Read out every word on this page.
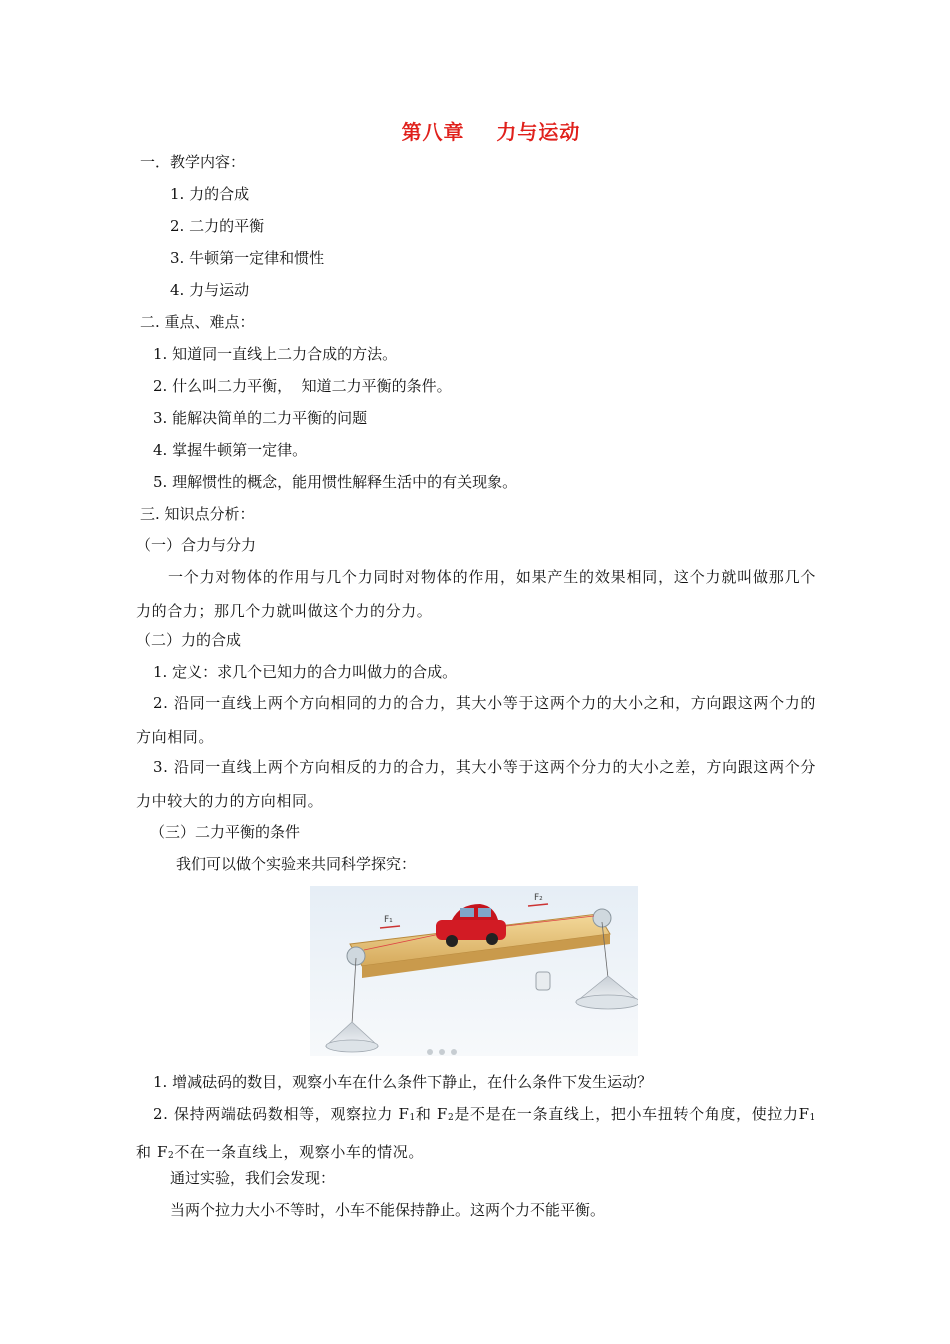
第八章    力与运动
一．教学内容：
1. 力的合成
2. 二力的平衡
3. 牛顿第一定律和惯性
4. 力与运动
二. 重点、难点：
1. 知道同一直线上二力合成的方法。
2. 什么叫二力平衡，  知道二力平衡的条件。
3. 能解决简单的二力平衡的问题
4. 掌握牛顿第一定律。
5. 理解惯性的概念，能用惯性解释生活中的有关现象。
三. 知识点分析：
（一）合力与分力
一个力对物体的作用与几个力同时对物体的作用，如果产生的效果相同，这个力就叫做那几个力的合力；那几个力就叫做这个力的分力。
（二）力的合成
1. 定义：求几个已知力的合力叫做力的合成。
2. 沿同一直线上两个方向相同的力的合力，其大小等于这两个力的大小之和，方向跟这两个力的方向相同。
3. 沿同一直线上两个方向相反的力的合力，其大小等于这两个分力的大小之差，方向跟这两个分力中较大的力的方向相同。
（三）二力平衡的条件
我们可以做个实验来共同科学探究：
F₁
F₂
1. 增减砝码的数目，观察小车在什么条件下静止，在什么条件下发生运动？
2. 保持两端砝码数相等，观察拉力 $F_1$和 $F_2$是不是在一条直线上，把小车扭转个角度，使拉力$F_1$和 $F_2$不在一条直线上，观察小车的情况。
通过实验，我们会发现：
当两个拉力大小不等时，小车不能保持静止。这两个力不能平衡。
